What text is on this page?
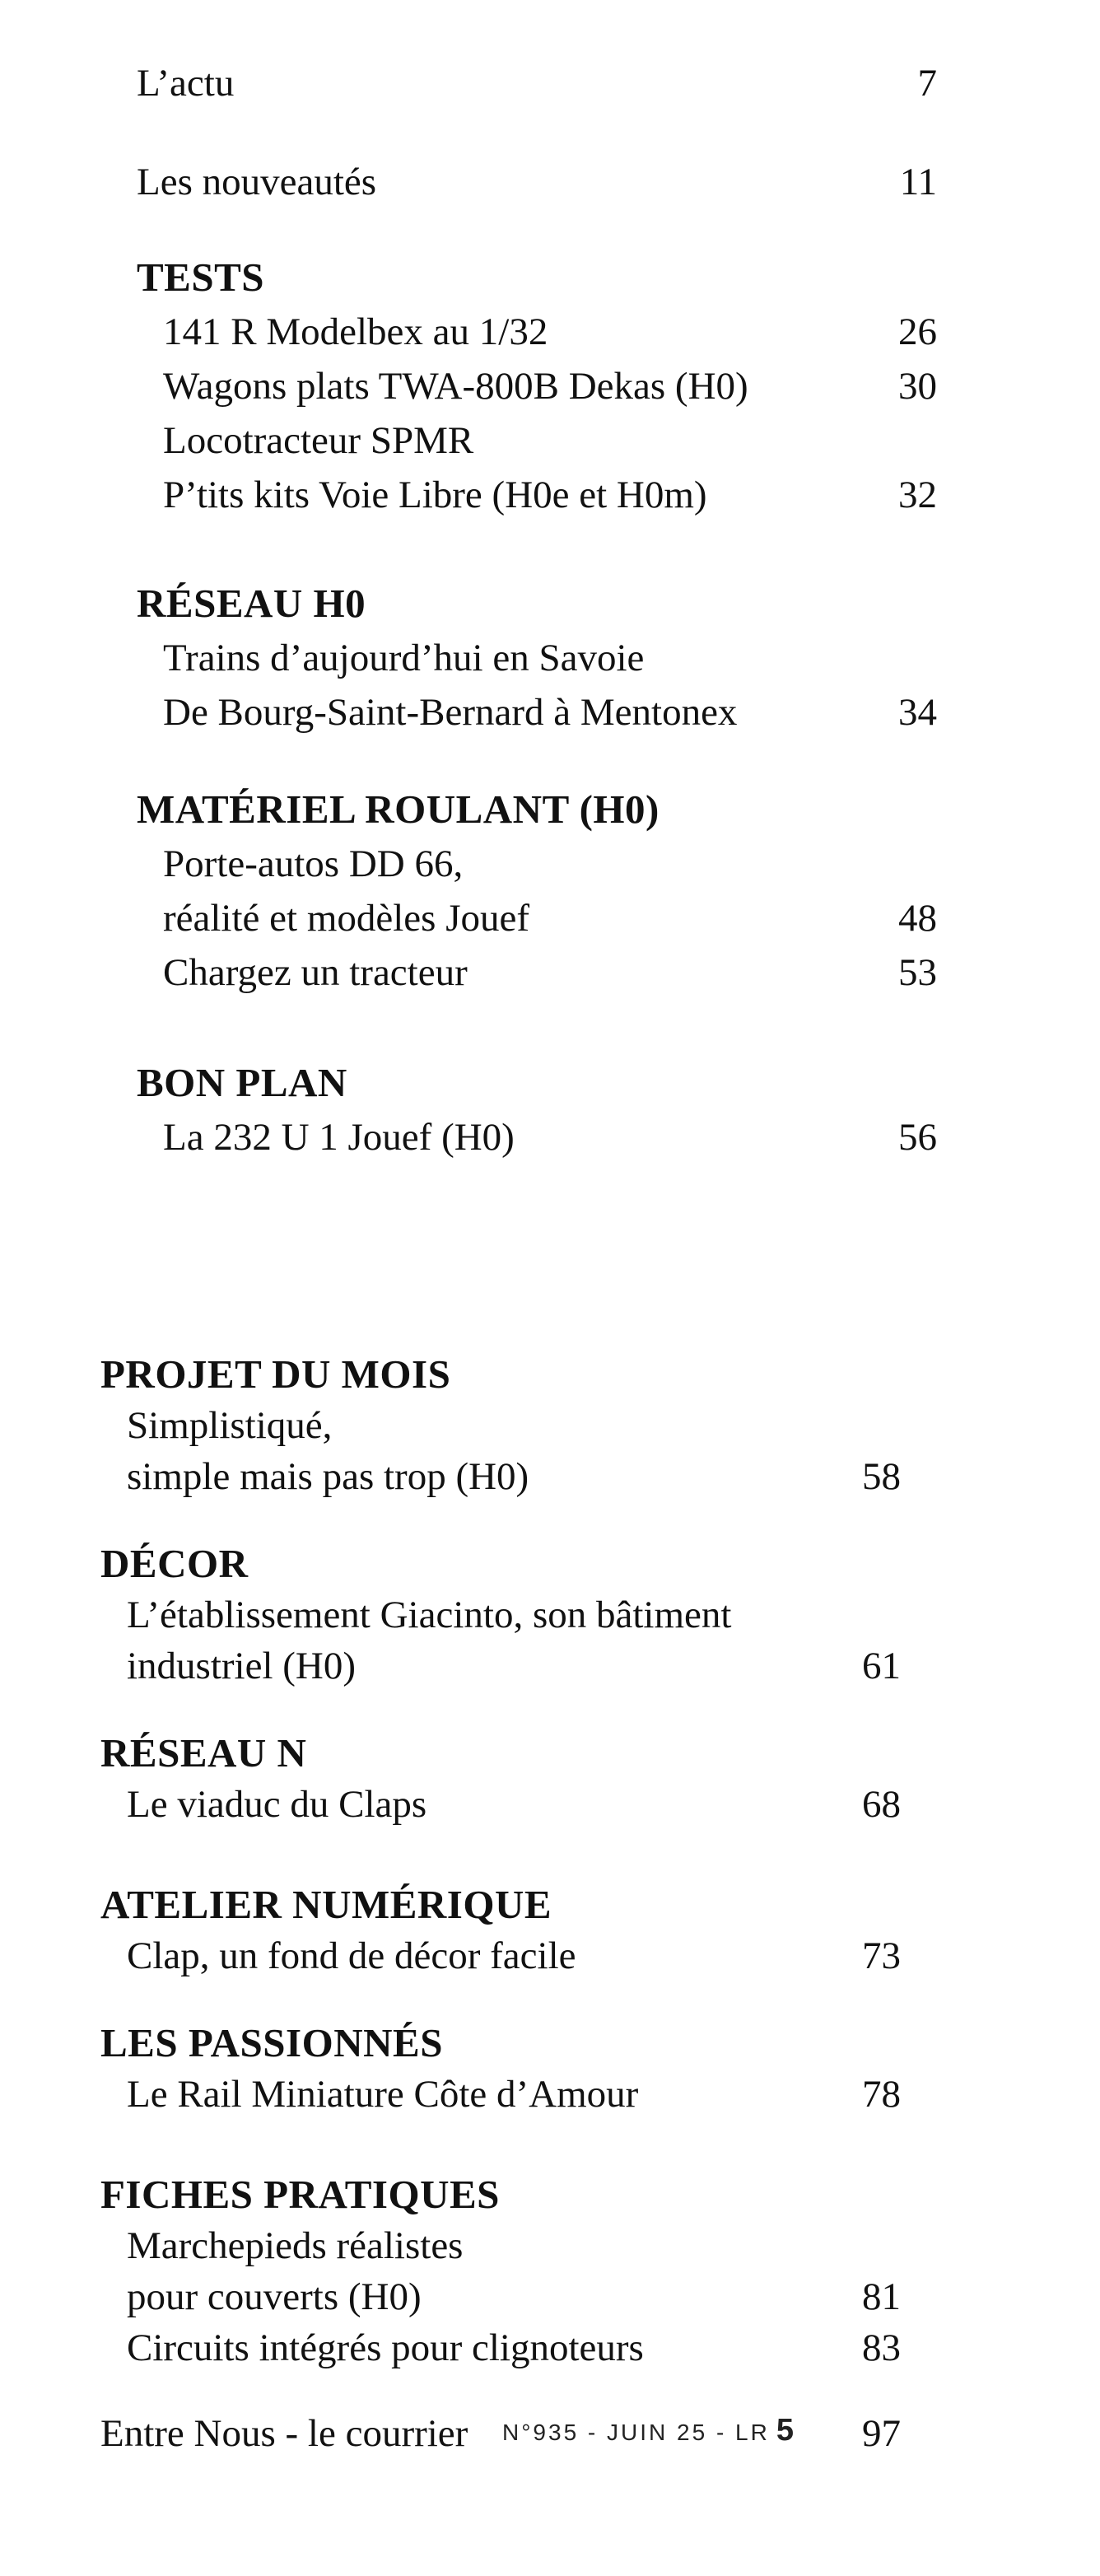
L’actu	7
Les nouveautés	11
TESTS
141 R Modelbex au 1/32	26
Wagons plats TWA-800B Dekas (H0)	30
Locotracteur SPMR
P’tits kits Voie Libre (H0e et H0m)	32
RÉSEAU H0
Trains d’aujourd’hui en Savoie
De Bourg-Saint-Bernard à Mentonex	34
MATÉRIEL ROULANT (H0)
Porte-autos DD 66,
réalité et modèles Jouef	48
Chargez un tracteur	53
BON PLAN
La 232 U 1 Jouef (H0)	56
PROJET DU MOIS
Simplistiqué,
simple mais pas trop (H0)	58
DÉCOR
L’établissement Giacinto, son bâtiment
industriel (H0)	61
RÉSEAU N
Le viaduc du Claps	68
ATELIER NUMÉRIQUE
Clap, un fond de décor facile	73
LES PASSIONNÉS
Le Rail Miniature Côte d’Amour	78
FICHES PRATIQUES
Marchepieds réalistes
pour couverts (H0)	81
Circuits intégrés pour clignoteurs	83
Entre Nous - le courrier	97
N°935 - JUIN 25 - LR 5
